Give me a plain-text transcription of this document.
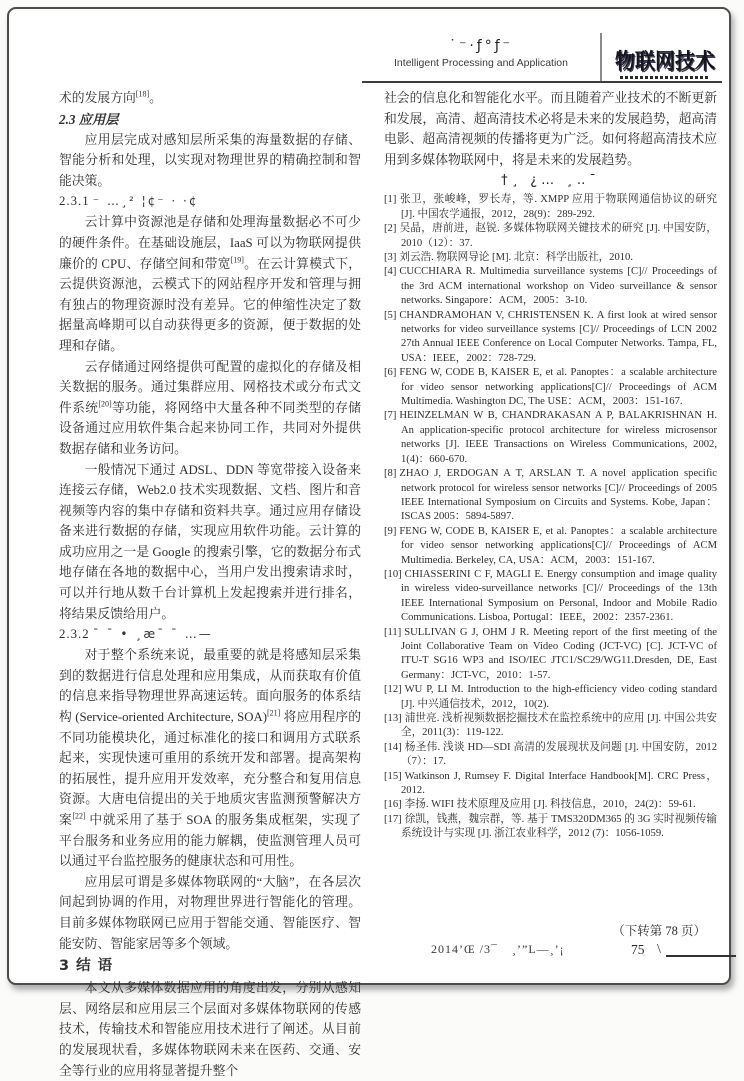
˙⁻·ƒ°ƒ⁻
Intelligent Processing and Application	物联网技术
术的发展方向[18]。
2.3 应用层
应用层完成对感知层所采集的海量数据的存储、智能分析和处理，以实现对物理世界的精确控制和智能决策。
2.3.1 ⁻ …¸² ¦¢⁻ · ·¢
云计算中资源池是存储和处理海量数据必不可少的硬件条件。在基础设施层，IaaS 可以为物联网提供廉价的 CPU、存储空间和带宽[19]。在云计算模式下，云提供资源池，云模式下的网站程序开发和管理与拥有独占的物理资源时没有差异。它的伸缩性决定了数据量高峰期可以自动获得更多的资源，便于数据的处理和存储。
云存储通过网络提供可配置的虚拟化的存储及相关数据的服务。通过集群应用、网格技术或分布式文件系统[20]等功能，将网络中大量各种不同类型的存储设备通过应用软件集合起来协同工作，共同对外提供数据存储和业务访问。
一般情况下通过 ADSL、DDN 等宽带接入设备来连接云存储，Web2.0 技术实现数据、文档、图片和音视频等内容的集中存储和资料共享。通过应用存储设备来进行数据的存储，实现应用软件功能。云计算的成功应用之一是 Google 的搜索引擎，它的数据分布式地存储在各地的数据中心，当用户发出搜索请求时，可以并行地从数千台计算机上发起搜索并进行排名，将结果反馈给用户。
2.3.2 ¯ ¯ • ¸æ¯ ¯ …—
对于整个系统来说，最重要的就是将感知层采集到的数据进行信息处理和应用集成，从而获取有价值的信息来指导物理世界高速运转。面向服务的体系结构 (Service-oriented Architecture, SOA)[21] 将应用程序的不同功能模块化，通过标准化的接口和调用方式联系起来，实现快速可重用的系统开发和部署。提高架构的拓展性，提升应用开发效率，充分整合和复用信息资源。大唐电信提出的关于地质灾害监测预警解决方案[22] 中就采用了基于 SOA 的服务集成框架，实现了平台服务和业务应用的能力解耦，使监测管理人员可以通过平台监控服务的健康状态和可用性。
应用层可谓是多媒体物联网的“大脑”，在各层次间起到协调的作用，对物理世界进行智能化的管理。目前多媒体物联网已应用于智能交通、智能医疗、智能安防、智能家居等多个领域。
3 结 语
本文从多媒体数据应用的角度出发，分别从感知层、网络层和应用层三个层面对多媒体物联网的传感技术，传输技术和智能应用技术进行了阐述。从目前的发展现状看，多媒体物联网未来在医药、交通、安全等行业的应用将显著提升整个
社会的信息化和智能化水平。而且随着产业技术的不断更新和发展，高清、超高清技术必将是未来的发展趋势，超高清电影、超高清视频的传播将更为广泛。如何将超高清技术应用到多媒体物联网中，将是未来的发展趋势。
†¸ ¿… ¸‥¯
[1] 张卫，张峻峰，罗长寿，等. XMPP 应用于物联网通信协议的研究 [J]. 中国农学通报，2012，28(9)：289-292.
[2] 吴晶，唐前进，赵锐. 多媒体物联网关键技术的研究 [J]. 中国安防，2010（12）：37.
[3] 刘云浩. 物联网导论 [M]. 北京：科学出版社，2010.
[4] CUCCHIARA R. Multimedia surveillance systems [C]// Proceedings of the 3rd ACM international workshop on Video surveillance & sensor networks. Singapore：ACM，2005：3-10.
[5] CHANDRAMOHAN V, CHRISTENSEN K. A first look at wired sensor networks for video surveillance systems [C]// Proceedings of LCN 2002 27th Annual IEEE Conference on Local Computer Networks. Tampa, FL, USA：IEEE，2002：728-729.
[6] FENG W, CODE B, KAISER E, et al. Panoptes：a scalable architecture for video sensor networking applications[C]// Proceedings of ACM Multimedia. Washington DC, The USE：ACM，2003：151-167.
[7] HEINZELMAN W B, CHANDRAKASAN A P, BALAKRISHNAN H. An application-specific protocol architecture for wireless microsensor networks [J]. IEEE Transactions on Wireless Communications, 2002, 1(4)：660-670.
[8] ZHAO J, ERDOGAN A T, ARSLAN T. A novel application specific network protocol for wireless sensor networks [C]// Proceedings of 2005 IEEE International Symposium on Circuits and Systems. Kobe, Japan：ISCAS 2005：5894-5897.
[9] FENG W, CODE B, KAISER E, et al. Panoptes：a scalable architecture for video sensor networking applications[C]// Proceedings of ACM Multimedia. Berkeley, CA, USA：ACM，2003：151-167.
[10] CHIASSERINI C F, MAGLI E. Energy consumption and image quality in wireless video-surveillance networks [C]// Proceedings of the 13th IEEE International Symposium on Personal, Indoor and Mobile Radio Communications. Lisboa, Portugal：IEEE，2002：2357-2361.
[11] SULLIVAN G J, OHM J R. Meeting report of the first meeting of the Joint Collaborative Team on Video Coding (JCT-VC) [C]. JCT-VC of ITU-T SG16 WP3 and ISO/IEC JTC1/SC29/WG11.Dresden, DE, East Germany：JCT-VC，2010：1-57.
[12] WU P, LI M. Introduction to the high-efficiency video coding standard [J]. 中兴通信技术，2012，10(2).
[13] 浦世亮. 浅析视频数据挖掘技术在监控系统中的应用 [J]. 中国公共安全，2011(3)：119-122.
[14] 杨圣伟. 浅谈 HD—SDI 高清的发展现状及问题 [J]. 中国安防，2012（7）：17.
[15] Watkinson J, Rumsey F. Digital Interface Handbook[M]. CRC Press，2012.
[16] 李扬. WIFI 技术原理及应用 [J]. 科技信息，2010，24(2)：59-61.
[17] 徐凯，钱燕，魏宗群，等. 基于 TMS320DM365 的 3G 实时视频传输系统设计与实现 [J]. 浙江农业科学，2012 (7)：1056-1059.
（下转第 78 页）
2014’Œ /3¯ ¸’”L—¸’¡	75 \
